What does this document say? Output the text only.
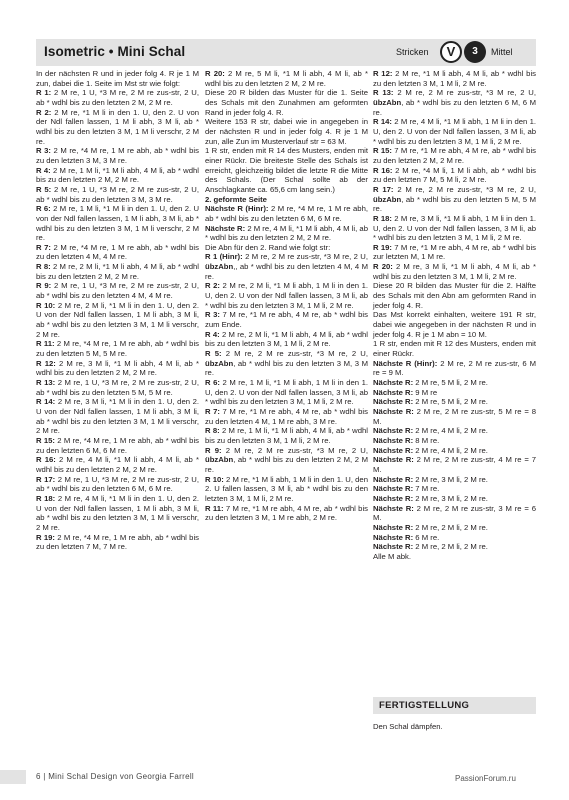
Isometric • Mini Schal	Stricken	V	3	Mittel

In der nächsten R und in jeder folg 4. R je 1 M zun, dabei die 1. Seite im Mst str wie folgt:

R 1: 2 M re, 1 U, *3 M re, 2 M re zus-str, 2 U, ab * wdhl bis zu den letzten 2 M, 2 M re.

R 2: 2 M re, *1 M li in den 1. U, den 2. U von der Ndl fallen lassen, 1 M li abh, 3 M li, ab * wdhl bis zu den letzten 3 M, 1 M li verschr, 2 M re.

R 3: 2 M re, *4 M re, 1 M re abh, ab * wdhl bis zu den letzten 3 M, 3 M re.

R 4: 2 M re, 1 M li, *1 M li abh, 4 M li, ab * wdhl bis zu den letzten 2 M, 2 M re.

R 5: 2 M re, 1 U, *3 M re, 2 M re zus-str, 2 U, ab * wdhl bis zu den letzten 3 M, 3 M re.

R 6: 2 M re, 1 M li, *1 M li in den 1. U, den 2. U von der Ndl fallen lassen, 1 M li abh, 3 M li, ab * wdhl bis zu den letzten 3 M, 1 M li verschr, 2 M re.

R 7: 2 M re, *4 M re, 1 M re abh, ab * wdhl bis zu den letzten 4 M, 4 M re.

R 8: 2 M re, 2 M li, *1 M li abh, 4 M li, ab * wdhl bis zu den letzten 2 M, 2 M re.

R 9: 2 M re, 1 U, *3 M re, 2 M re zus-str, 2 U, ab * wdhl bis zu den letzten 4 M, 4 M re.

R 10: 2 M re, 2 M li, *1 M li in den 1. U, den 2. U von der Ndl fallen lassen, 1 M li abh, 3 M li, ab * wdhl bis zu den letzten 3 M, 1 M li verschr, 2 M re.

R 11: 2 M re, *4 M re, 1 M re abh, ab * wdhl bis zu den letzten 5 M, 5 M re.

R 12: 2 M re, 3 M li, *1 M li abh, 4 M li, ab * wdhl bis zu den letzten 2 M, 2 M re.

R 13: 2 M re, 1 U, *3 M re, 2 M re zus-str, 2 U, ab * wdhl bis zu den letzten 5 M, 5 M re.

R 14: 2 M re, 3 M li, *1 M li in den 1. U, den 2. U von der Ndl fallen lassen, 1 M li abh, 3 M li, ab * wdhl bis zu den letzten 3 M, 1 M li verschr, 2 M re.

R 15: 2 M re, *4 M re, 1 M re abh, ab * wdhl bis zu den letzten 6 M, 6 M re.

R 16: 2 M re, 4 M li, *1 M li abh, 4 M li, ab * wdhl bis zu den letzten 2 M, 2 M re.

R 17: 2 M re, 1 U, *3 M re, 2 M re zus-str, 2 U, ab * wdhl bis zu den letzten 6 M, 6 M re.

R 18: 2 M re, 4 M li, *1 M li in den 1. U, den 2. U von der Ndl fallen lassen, 1 M li abh, 3 M li, ab * wdhl bis zu den letzten 3 M, 1 M li verschr, 2 M re.

R 19: 2 M re, *4 M re, 1 M re abh, ab * wdhl bis zu den letzten 7 M, 7 M re.

R 20: 2 M re, 5 M li, *1 M li abh, 4 M li, ab * wdhl bis zu den letzten 2 M, 2 M re.

Diese 20 R bilden das Muster für die 1. Seite des Schals mit den Zunahmen am geformten Rand in jeder folg 4. R.

Weitere 153 R str, dabei wie in angegeben in der nächsten R und in jeder folg 4. R je 1 M zun, alle Zun im Musterverlauf str = 63 M.

1 R str, enden mit R 14 des Musters, enden mit einer Rückr. Die breiteste Stelle des Schals ist erreicht, gleichzeitig bildet die letzte R die Mitte des Schals. (Der Schal sollte ab der Anschlagkante ca. 65,6 cm lang sein.)

2. geformte Seite

Nächste R (Hinr): 2 M re, *4 M re, 1 M re abh, ab * wdhl bis zu den letzten 6 M, 6 M re.

Nächste R: 2 M re, 4 M li, *1 M li abh, 4 M li, ab * wdhl bis zu den letzten 2 M, 2 M re.

Die Abn für den 2. Rand wie folgt str:

R 1 (Hinr): 2 M re, 2 M re zus-str, *3 M re, 2 U, übzAbn,, ab * wdhl bis zu den letzten 4 M, 4 M re.

R 2: 2 M re, 2 M li, *1 M li abh, 1 M li in den 1. U, den 2. U von der Ndl fallen lassen, 3 M li, ab * wdhl bis zu den letzten 3 M, 1 M li, 2 M re.

R 3: 7 M re, *1 M re abh, 4 M re, ab * wdhl bis zum Ende.

R 4: 2 M re, 2 M li, *1 M li abh, 4 M li, ab * wdhl bis zu den letzten 3 M, 1 M li, 2 M re.

R 5: 2 M re, 2 M re zus-str, *3 M re, 2 U, übzAbn, ab * wdhl bis zu den letzten 3 M, 3 M re.

R 6: 2 M re, 1 M li, *1 M li abh, 1 M li in den 1. U, den 2. U von der Ndl fallen lassen, 3 M li, ab * wdhl bis zu den letzten 3 M, 1 M li, 2 M re.

R 7: 7 M re, *1 M re abh, 4 M re, ab * wdhl bis zu den letzten 4 M, 1 M re abh, 3 M re.

R 8: 2 M re, 1 M li, *1 M li abh, 4 M li, ab * wdhl bis zu den letzten 3 M, 1 M li, 2 M re.

R 9: 2 M re, 2 M re zus-str, *3 M re, 2 U, übzAbn, ab * wdhl bis zu den letzten 2 M, 2 M re.

R 10: 2 M re, *1 M li abh, 1 M li in den 1. U, den 2. U fallen lassen, 3 M li, ab * wdhl bis zu den letzten 3 M, 1 M li, 2 M re.

R 11: 7 M re, *1 M re abh, 4 M re, ab * wdhl bis zu den letzten 3 M, 1 M re abh, 2 M re.

R 12: 2 M re, *1 M li abh, 4 M li, ab * wdhl bis zu den letzten 3 M, 1 M li, 2 M re.

R 13: 2 M re, 2 M re zus-str, *3 M re, 2 U, übzAbn, ab * wdhl bis zu den letzten 6 M, 6 M re.

R 14: 2 M re, 4 M li, *1 M li abh, 1 M li in den 1. U, den 2. U von der Ndl fallen lassen, 3 M li, ab * wdhl bis zu den letzten 3 M, 1 M li, 2 M re.

R 15: 7 M re, *1 M re abh, 4 M re, ab * wdhl bis zu den letzten 2 M, 2 M re.

R 16: 2 M re, *4 M li, 1 M li abh, ab * wdhl bis zu den letzten 7 M, 5 M li, 2 M re.

R 17: 2 M re, 2 M re zus-str, *3 M re, 2 U, übzAbn, ab * wdhl bis zu den letzten 5 M, 5 M re.

R 18: 2 M re, 3 M li, *1 M li abh, 1 M li in den 1. U, den 2. U von der Ndl fallen lassen, 3 M li, ab * wdhl bis zu den letzten 3 M, 1 M li, 2 M re.

R 19: 7 M re, *1 M re abh, 4 M re, ab * wdhl bis zur letzten M, 1 M re.

R 20: 2 M re, 3 M li, *1 M li abh, 4 M li, ab * wdhl bis zu den letzten 3 M, 1 M li, 2 M re.

Diese 20 R bilden das Muster für die 2. Hälfte des Schals mit den Abn am geformten Rand in jeder folg 4. R.

Das Mst korrekt einhalten, weitere 191 R str, dabei wie angegeben in der nächsten R und in jeder folg 4. R je 1 M abn = 10 M.

1 R str, enden mit R 12 des Musters, enden mit einer Rückr.

Nächste R (Hinr): 2 M re, 2 M re zus-str, 6 M re = 9 M.

Nächste R: 2 M re, 5 M li, 2 M re.

Nächste R: 9 M re

Nächste R: 2 M re, 5 M li, 2 M re.

Nächste R: 2 M re, 2 M re zus-str, 5 M re = 8 M.

Nächste R: 2 M re, 4 M li, 2 M re.

Nächste R: 8 M re.

Nächste R: 2 M re, 4 M li, 2 M re.

Nächste R: 2 M re, 2 M re zus-str, 4 M re = 7 M.

Nächste R: 2 M re, 3 M li, 2 M re.

Nächste R: 7 M re.

Nächste R: 2 M re, 3 M li, 2 M re.

Nächste R: 2 M re, 2 M re zus-str, 3 M re = 6 M.

Nächste R: 2 M re, 2 M li, 2 M re.

Nächste R: 6 M re.

Nächste R: 2 M re, 2 M li, 2 M re.

Alle M abk.

FERTIGSTELLUNG
Den Schal dämpfen.
6 | Mini Schal Design von Georgia Farrell	PassionForum.ru
